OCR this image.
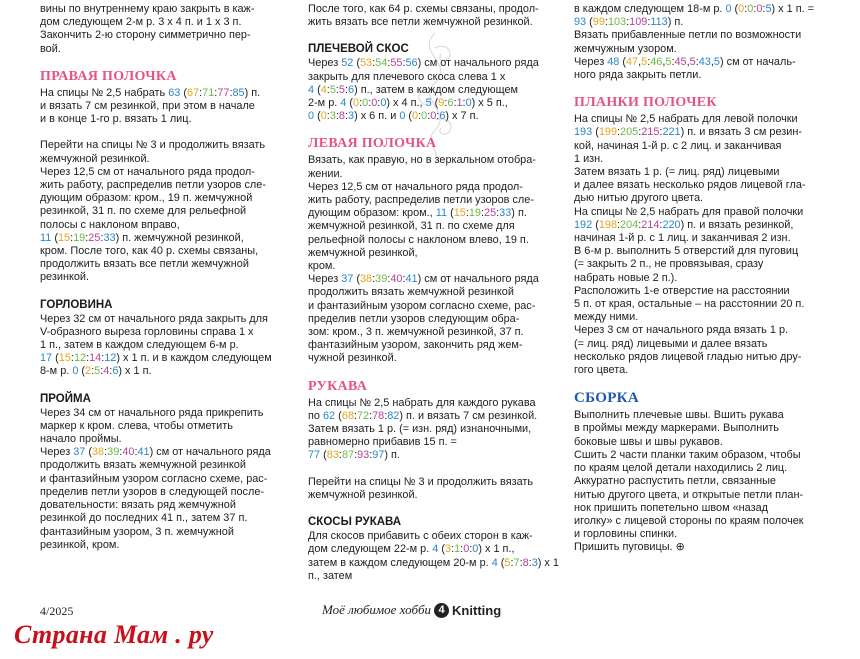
вины по внутреннему краю закрыть в каж-
дом следующем 2-м р. 3 х 4 п. и 1 х 3 п.
Закончить 2-ю сторону симметрично пер-
вой.

ПРАВАЯ ПОЛОЧКА

На спицы № 2,5 набрать 63 (67:71:77:85) п.
и вязать 7 см резинкой, при этом в начале
и в конце 1-го р. вязать 1 лиц.

Перейти на спицы № 3 и продолжить вязать
жемчужной резинкой.
Через 12,5 см от начального ряда продол-
жить работу, распределив петли узоров сле-
дующим образом: кром., 19 п. жемчужной
резинкой, 31 п. по схеме для рельефной
полосы с наклоном вправо,
11 (15:19:25:33) п. жемчужной резинкой,
кром. После того, как 40 р. схемы связаны,
продолжить вязать все петли жемчужной
резинкой.

ГОРЛОВИНА

Через 32 см от начального ряда закрыть для
V-образного выреза горловины справа 1 х
1 п., затем в каждом следующем 6-м р.
17 (15:12:14:12) х 1 п. и в каждом следующем
8-м р. 0 (2:5:4:6) х 1 п.

ПРОЙМА

Через 34 см от начального ряда прикрепить
маркер к кром. слева, чтобы отметить
начало проймы.
Через 37 (38:39:40:41) см от начального ряда
продолжить вязать жемчужной резинкой
и фантазийным узором согласно схеме, рас-
пределив петли узоров в следующей после-
довательности: вязать ряд жемчужной
резинкой до последних 41 п., затем 37 п.
фантазийным узором, 3 п. жемчужной
резинкой, кром.

После того, как 64 р. схемы связаны, продол-
жить вязать все петли жемчужной резинкой.

ПЛЕЧЕВОЙ СКОС

Через 52 (53:54:55:56) см от начального ряда
закрыть для плечевого скоса слева 1 х
4 (4:5:5:6) п., затем в каждом следующем
2-м р. 4 (0:0:0:0) х 4 п., 5 (9:6:1:0) х 5 п.,
0 (0:3:8:3) х 6 п. и 0 (0:0:0:6) х 7 п.

ЛЕВАЯ ПОЛОЧКА

Вязать, как правую, но в зеркальном отобра-
жении.
Через 12,5 см от начального ряда продол-
жить работу, распределив петли узоров сле-
дующим образом: кром., 11 (15:19:25:33) п.
жемчужной резинкой, 31 п. по схеме для
рельефной полосы с наклоном влево, 19 п.
жемчужной резинкой,
кром.
Через 37 (38:39:40:41) см от начального ряда
продолжить вязать жемчужной резинкой
и фантазийным узором согласно схеме, рас-
пределив петли узоров следующим обра-
зом: кром., 3 п. жемчужной резинкой, 37 п.
фантазийным узором, закончить ряд жем-
чужной резинкой.

РУКАВА

На спицы № 2,5 набрать для каждого рукава
по 62 (68:72:78:82) п. и вязать 7 см резинкой.
Затем вязать 1 р. (= изн. ряд) изнаночными,
равномерно прибавив 15 п. =
77 (83:87:93:97) п.

Перейти на спицы № 3 и продолжить вязать
жемчужной резинкой.

СКОСЫ РУКАВА

Для скосов прибавить с обеих сторон в каж-
дом следующем 22-м р. 4 (3:1:0:0) х 1 п.,
затем в каждом следующем 20-м р. 4 (5:7:8:3) х 1 п., затем

в каждом следующем 18-м р. 0 (0:0:0:5) х 1 п. =
93 (99:103:109:113) п.
Вязать прибавленные петли по возможности
жемчужным узором.
Через 48 (47,5:46,5:45,5:43,5) см от началь-
ного ряда закрыть петли.

ПЛАНКИ ПОЛОЧЕК

На спицы № 2,5 набрать для левой полочки
193 (199:205:215:221) п. и вязать 3 см резин-
кой, начиная 1-й р. с 2 лиц. и заканчивая
1 изн.
Затем вязать 1 р. (= лиц. ряд) лицевыми
и далее вязать несколько рядов лицевой гла-
дью нитью другого цвета.
На спицы № 2,5 набрать для правой полочки
192 (198:204:214:220) п. и вязать резинкой,
начиная 1-й р. с 1 лиц. и заканчивая 2 изн.
В 6-м р. выполнить 5 отверстий для пуговиц
(= закрыть 2 п., не провязывая, сразу
набрать новые 2 п.).
Расположить 1-е отверстие на расстоянии
5 п. от края, остальные – на расстоянии 20 п.
между ними.
Через 3 см от начального ряда вязать 1 р.
(= лиц. ряд) лицевыми и далее вязать
несколько рядов лицевой гладью нитью дру-
гого цвета.

СБОРКА

Выполнить плечевые швы. Вшить рукава
в проймы между маркерами. Выполнить
боковые швы и швы рукавов.
Сшить 2 части планки таким образом, чтобы
по краям целой детали находились 2 лиц.
Аккуратно распустить петли, связанные
нитью другого цвета, и открытые петли план-
нок пришить попетельно швом «назад
иголку» с лицевой стороны по краям полочек
и горловины спинки.
Пришить пуговицы. ⊕

4/2025	Моё любимое хобби 4 Knitting
Страна Мам . ру
